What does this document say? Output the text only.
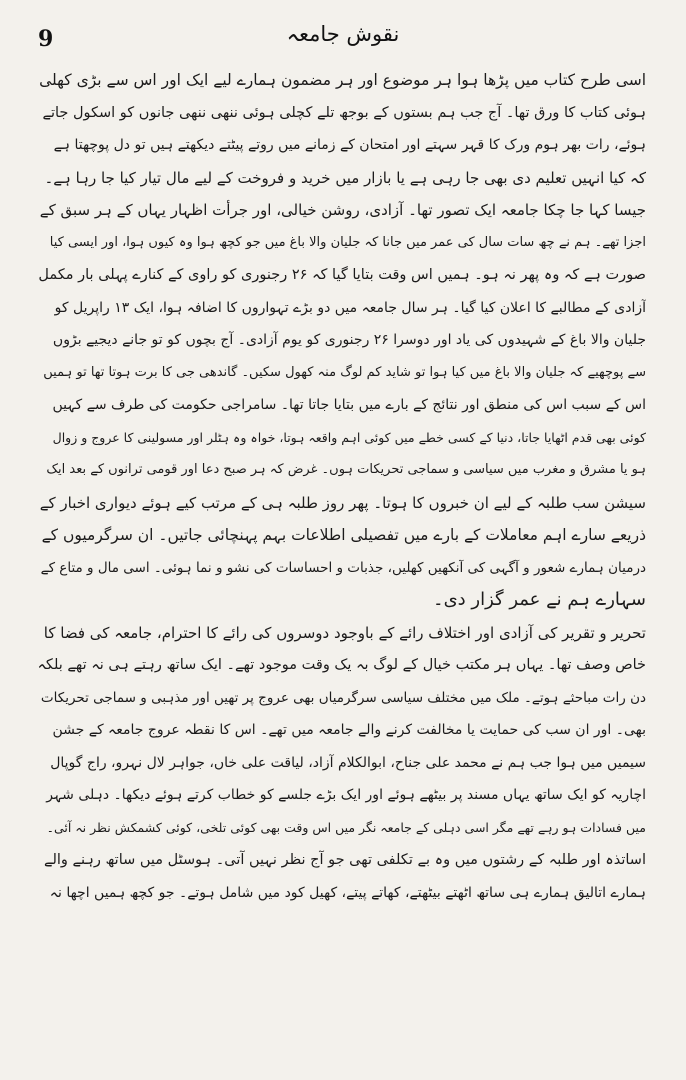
9	نقوش جامعہ
اسی طرح کتاب میں پڑھا ہوا ہر موضوع اور ہر مضمون ہمارے لیے ایک اور اس سے بڑی کھلی
ہوئی کتاب کا ورق تھا۔ آج جب ہم بستوں کے بوجھ تلے کچلی ہوئی ننھی ننھی جانوں کو اسکول جاتے
ہوئے، رات بھر ہوم ورک کا قہر سہتے اور امتحان کے زمانے میں روتے پیٹتے دیکھتے ہیں تو دل پوچھتا ہے
کہ کیا انہیں تعلیم دی بھی جا رہی ہے یا بازار میں خرید و فروخت کے لیے مال تیار کیا جا رہا ہے۔
جیسا کہا جا چکا جامعہ ایک تصور تھا۔ آزادی، روشن خیالی، اور جرأت اظہار یہاں کے ہر سبق کے
اجزا تھے۔ ہم نے چھ سات سال کی عمر میں جانا کہ جلیان والا باغ میں جو کچھ ہوا وہ کیوں ہوا، اور ایسی کیا
صورت ہے کہ وہ پھر نہ ہو۔ ہمیں اس وقت بتایا گیا کہ ۲۶ رجنوری کو راوی کے کنارے پہلی بار مکمل
آزادی کے مطالبے کا اعلان کیا گیا۔ ہر سال جامعہ میں دو بڑے تہواروں کا اضافہ ہوا، ایک ۱۳ راپریل کو
جلیان والا باغ کے شہیدوں کی یاد اور دوسرا ۲۶ رجنوری کو یوم آزادی۔ آج بچوں کو تو جانے دیجیے بڑوں
سے پوچھیے کہ جلیان والا باغ میں کیا ہوا تو شاید کم لوگ منہ کھول سکیں۔ گاندھی جی کا برت ہوتا تھا تو ہمیں
اس کے سبب اس کی منطق اور نتائج کے بارے میں بتایا جاتا تھا۔ سامراجی حکومت کی طرف سے کہیں
کوئی بھی قدم اٹھایا جاتا، دنیا کے کسی خطے میں کوئی اہم واقعہ ہوتا، خواہ وہ ہٹلر اور مسولینی کا عروج و زوال
ہو یا مشرق و مغرب میں سیاسی و سماجی تحریکات ہوں۔ غرض کہ ہر صبح دعا اور قومی ترانوں کے بعد ایک
سیشن سب طلبہ کے لیے ان خبروں کا ہوتا۔ پھر روز طلبہ ہی کے مرتب کیے ہوئے دیواری اخبار کے
ذریعے سارے اہم معاملات کے بارے میں تفصیلی اطلاعات بہم پہنچائی جاتیں۔ ان سرگرمیوں کے
درمیان ہمارے شعور و آگہی کی آنکھیں کھلیں، جذبات و احساسات کی نشو و نما ہوئی۔ اسی مال و متاع کے
سہارے ہم نے عمر گزار دی۔
تحریر و تقریر کی آزادی اور اختلاف رائے کے باوجود دوسروں کی رائے کا احترام، جامعہ کی فضا کا
خاص وصف تھا۔ یہاں ہر مکتب خیال کے لوگ بہ یک وقت موجود تھے۔ ایک ساتھ رہتے ہی نہ تھے بلکہ
دن رات مباحثے ہوتے۔ ملک میں مختلف سیاسی سرگرمیاں بھی عروج پر تھیں اور مذہبی و سماجی تحریکات
بھی۔ اور ان سب کی حمایت یا مخالفت کرنے والے جامعہ میں تھے۔ اس کا نقطہ عروج جامعہ کے جشن
سیمیں میں ہوا جب ہم نے محمد علی جناح، ابوالکلام آزاد، لیاقت علی خاں، جواہر لال نہرو، راج گوپال
اچاریہ کو ایک ساتھ یہاں مسند پر بیٹھے ہوئے اور ایک بڑے جلسے کو خطاب کرتے ہوئے دیکھا۔ دہلی شہر
میں فسادات ہو رہے تھے مگر اسی دہلی کے جامعہ نگر میں اس وقت بھی کوئی تلخی، کوئی کشمکش نظر نہ آئی۔
اساتذہ اور طلبہ کے رشتوں میں وہ بے تکلفی تھی جو آج نظر نہیں آتی۔ ہوسٹل میں ساتھ رہنے والے
ہمارے اتالیق ہمارے ہی ساتھ اٹھتے بیٹھتے، کھاتے پیتے، کھیل کود میں شامل ہوتے۔ جو کچھ ہمیں اچھا نہ
